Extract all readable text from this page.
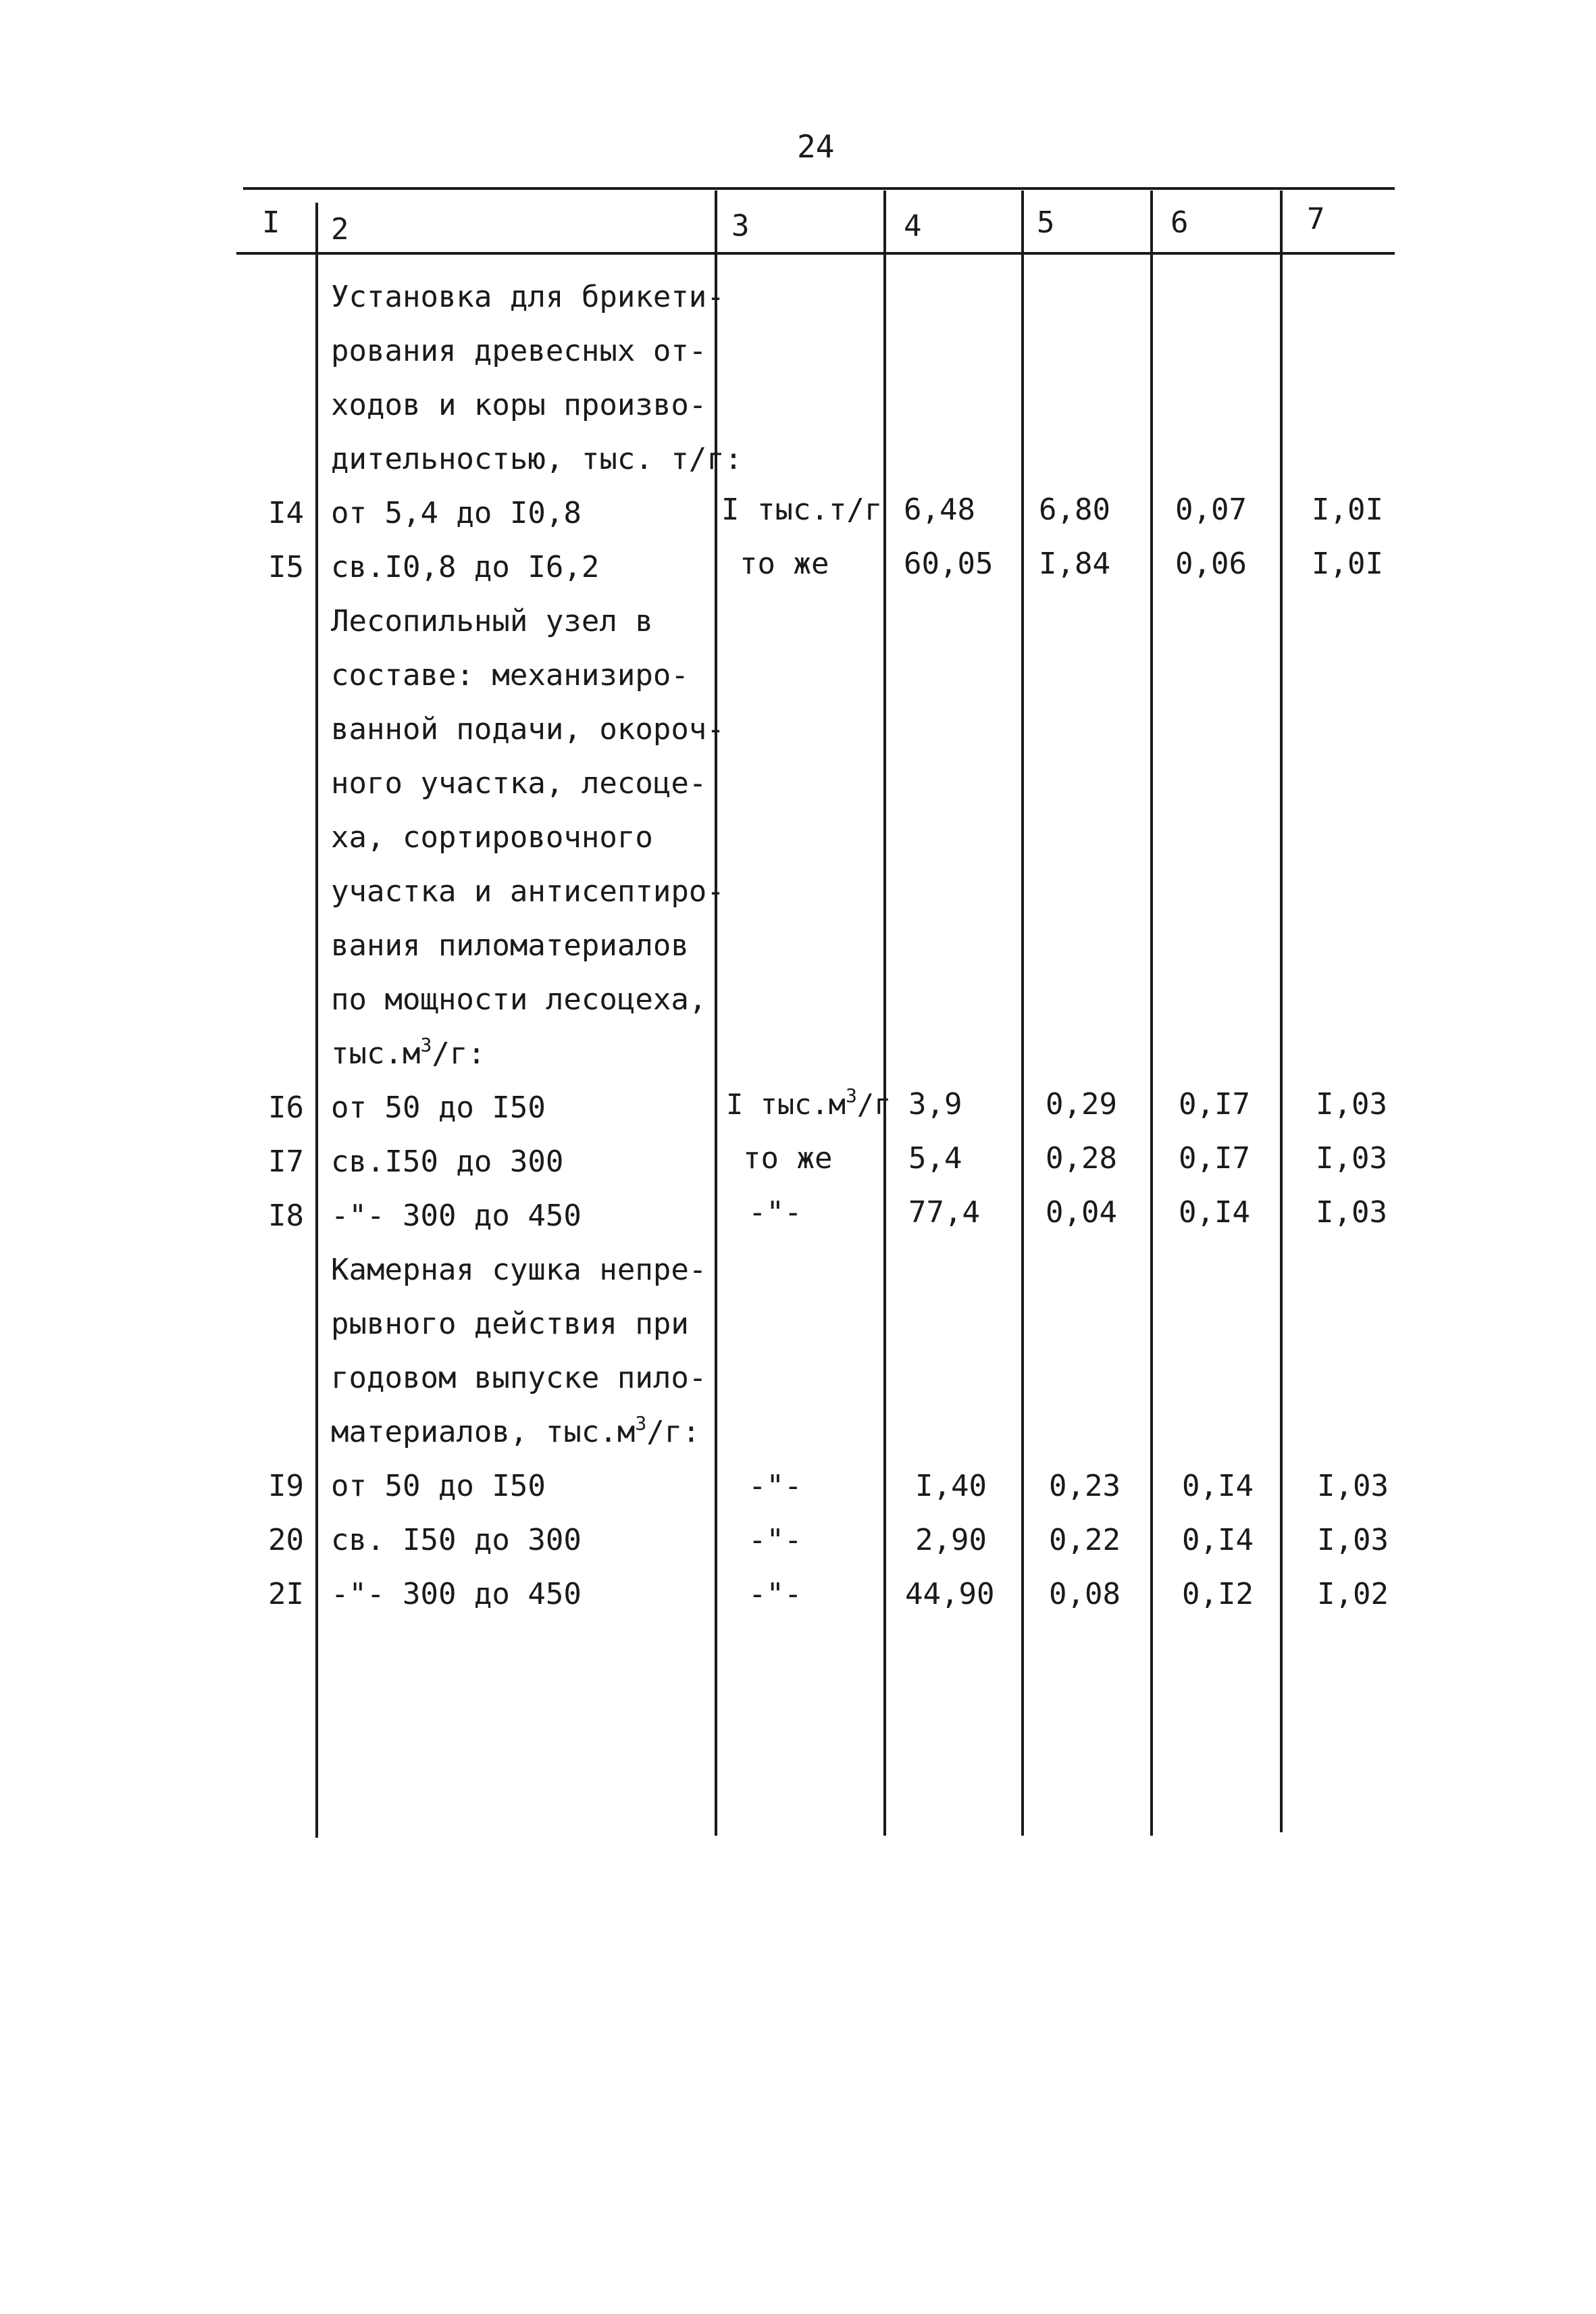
24
I 2	3	4	5	6	7
Установка для брикети-
рования древесных от-
ходов и коры произво-
дительностью, тыс. т/г:
I4 от 5,4 до I0,8	I тыс.т/г 6,48 6,80 0,07 I,0I
I5 св.I0,8 до I6,2	то же	60,05 I,84 0,06 I,0I
Лесопильный узел в
составе: механизиро-
ванной подачи, окороч-
ного участка, лесоце-
ха, сортировочного
участка и антисептиро-
вания пиломатериалов
по мощности лесоцеха,
$тыс.м^3/г$:
I6 от 50 до I50	I $тыс.м^3/г$ 3,9	0,29 0,I7 I,03
I7 св.I50 до 300	то же	5,4	0,28 0,I7 I,03
I8 -"- 300 до 450	-"-	77,4 0,04 0,I4 I,03
Камерная сушка непре-
рывного действия при
годовом выпуске пило-
материалов, $тыс.м^3/г$:
I9 от 50 до I50	-"-	I,40 0,23 0,I4 I,03
20 св. I50 до 300	-"-	2,90 0,22 0,I4 I,03
2I -"- 300 до 450	-"-	44,90 0,08 0,I2 I,02
